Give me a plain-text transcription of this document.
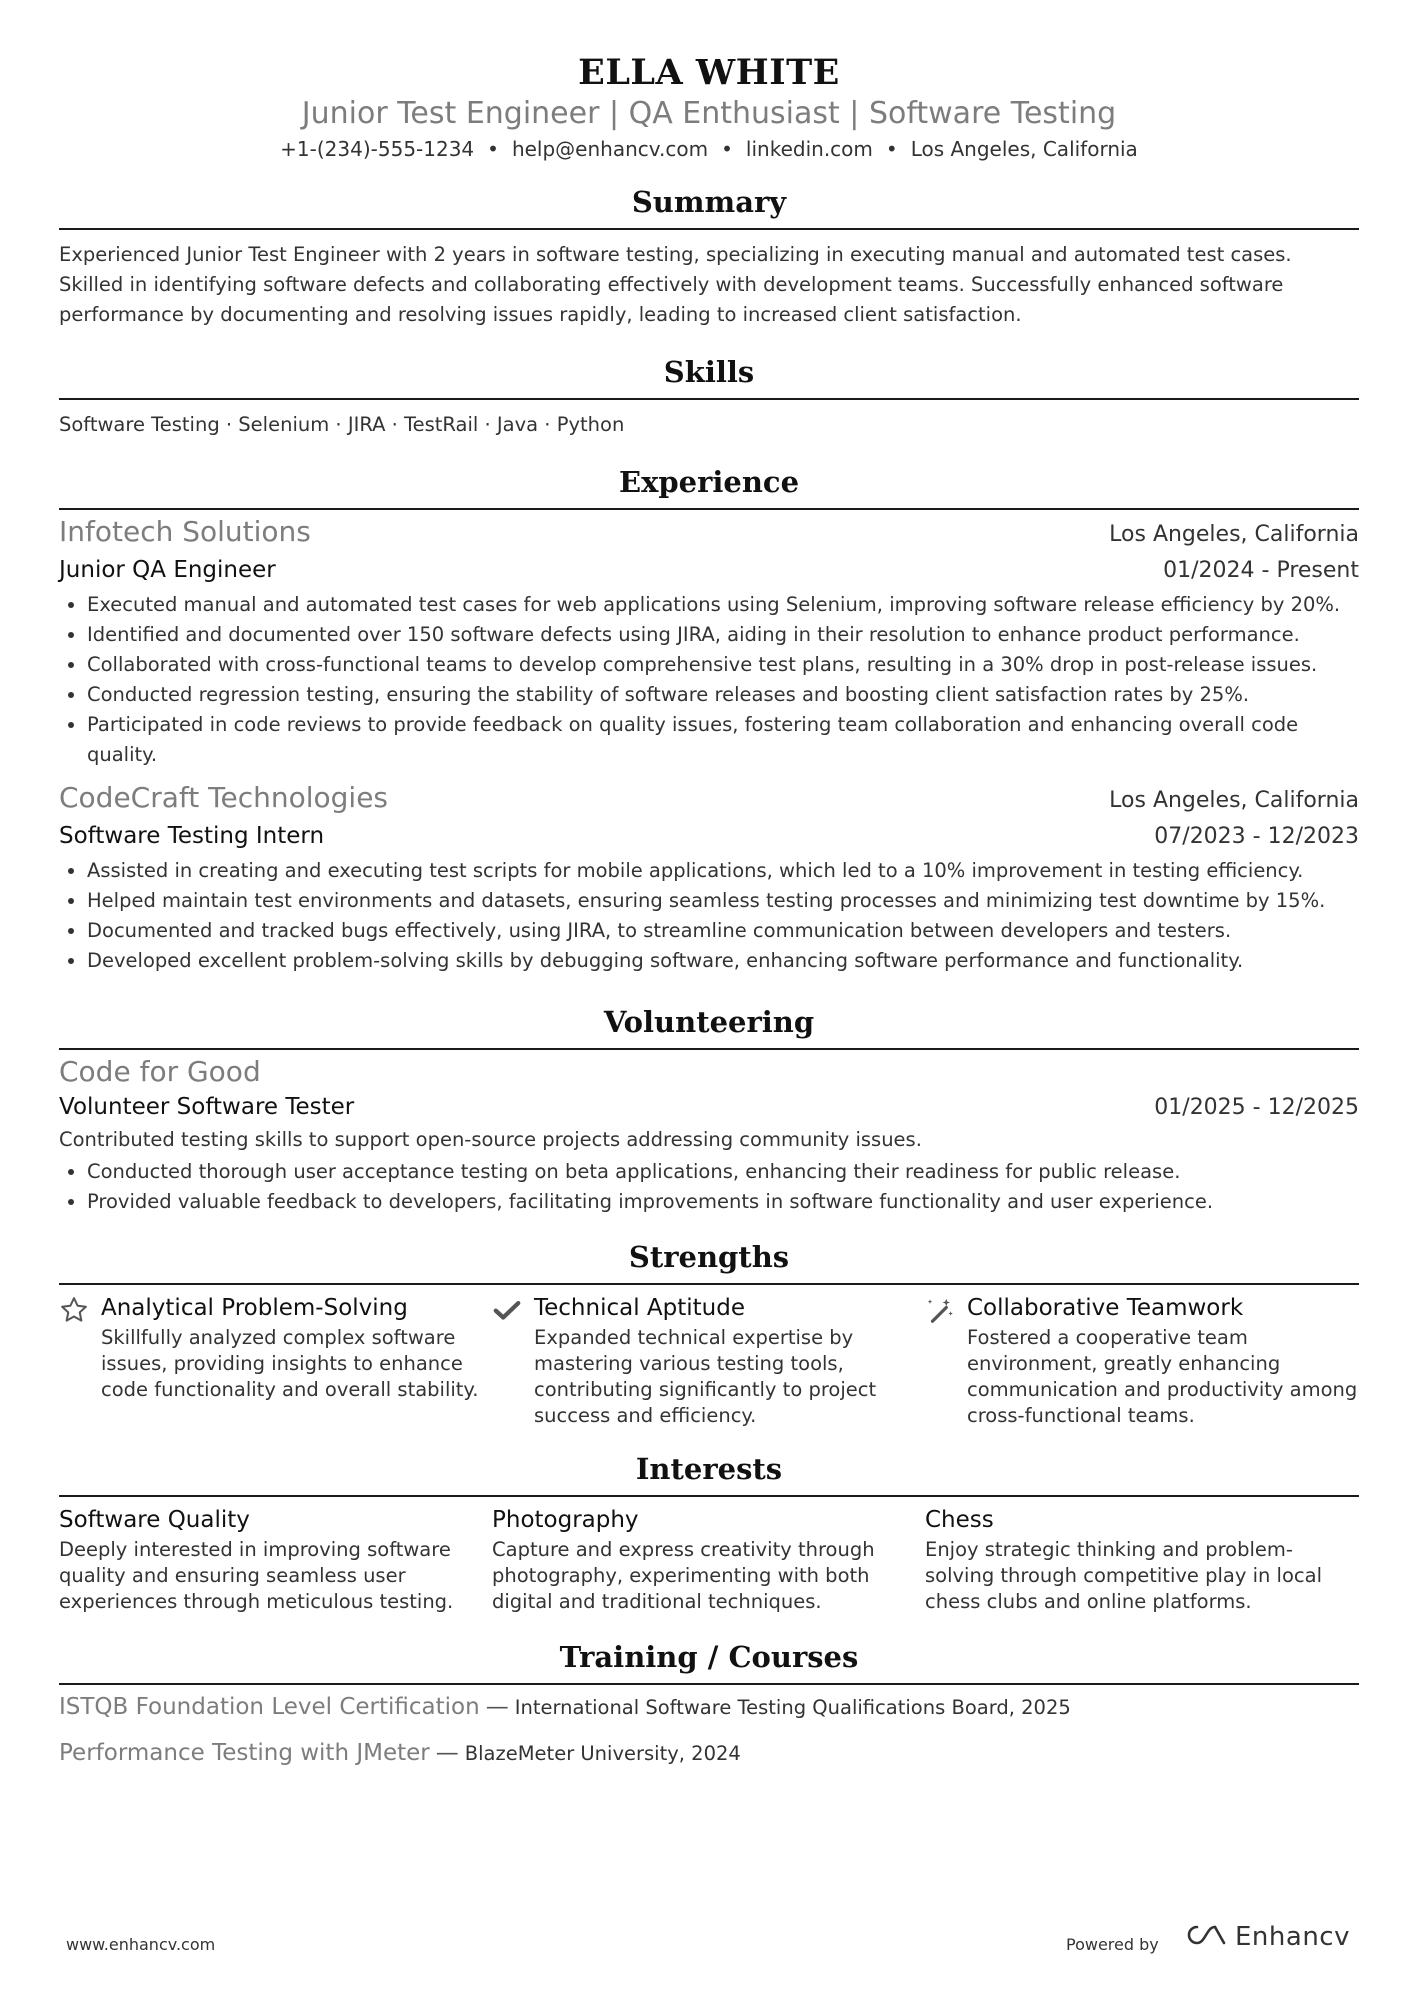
ELLA WHITE
Junior Test Engineer | QA Enthusiast | Software Testing
+1-(234)-555-1234 • help@enhancv.com • linkedin.com • Los Angeles, California
Summary
Experienced Junior Test Engineer with 2 years in software testing, specializing in executing manual and automated test cases. Skilled in identifying software defects and collaborating effectively with development teams. Successfully enhanced software performance by documenting and resolving issues rapidly, leading to increased client satisfaction.
Skills
Software Testing · Selenium · JIRA · TestRail · Java · Python
Experience
Infotech Solutions	Los Angeles, California
Junior QA Engineer	01/2024 - Present
• Executed manual and automated test cases for web applications using Selenium, improving software release efficiency by 20%.
• Identified and documented over 150 software defects using JIRA, aiding in their resolution to enhance product performance.
• Collaborated with cross-functional teams to develop comprehensive test plans, resulting in a 30% drop in post-release issues.
• Conducted regression testing, ensuring the stability of software releases and boosting client satisfaction rates by 25%.
• Participated in code reviews to provide feedback on quality issues, fostering team collaboration and enhancing overall code quality.
CodeCraft Technologies	Los Angeles, California
Software Testing Intern	07/2023 - 12/2023
• Assisted in creating and executing test scripts for mobile applications, which led to a 10% improvement in testing efficiency.
• Helped maintain test environments and datasets, ensuring seamless testing processes and minimizing test downtime by 15%.
• Documented and tracked bugs effectively, using JIRA, to streamline communication between developers and testers.
• Developed excellent problem-solving skills by debugging software, enhancing software performance and functionality.
Volunteering
Code for Good
Volunteer Software Tester	01/2025 - 12/2025
Contributed testing skills to support open-source projects addressing community issues.
• Conducted thorough user acceptance testing on beta applications, enhancing their readiness for public release.
• Provided valuable feedback to developers, facilitating improvements in software functionality and user experience.
Strengths
Analytical Problem-Solving
Skillfully analyzed complex software issues, providing insights to enhance code functionality and overall stability.
Technical Aptitude
Expanded technical expertise by mastering various testing tools, contributing significantly to project success and efficiency.
Collaborative Teamwork
Fostered a cooperative team environment, greatly enhancing communication and productivity among cross-functional teams.
Interests
Software Quality
Deeply interested in improving software quality and ensuring seamless user experiences through meticulous testing.
Photography
Capture and express creativity through photography, experimenting with both digital and traditional techniques.
Chess
Enjoy strategic thinking and problem-solving through competitive play in local chess clubs and online platforms.
Training / Courses
ISTQB Foundation Level Certification — International Software Testing Qualifications Board, 2025
Performance Testing with JMeter — BlazeMeter University, 2024
www.enhancv.com	Powered by	Enhancv
